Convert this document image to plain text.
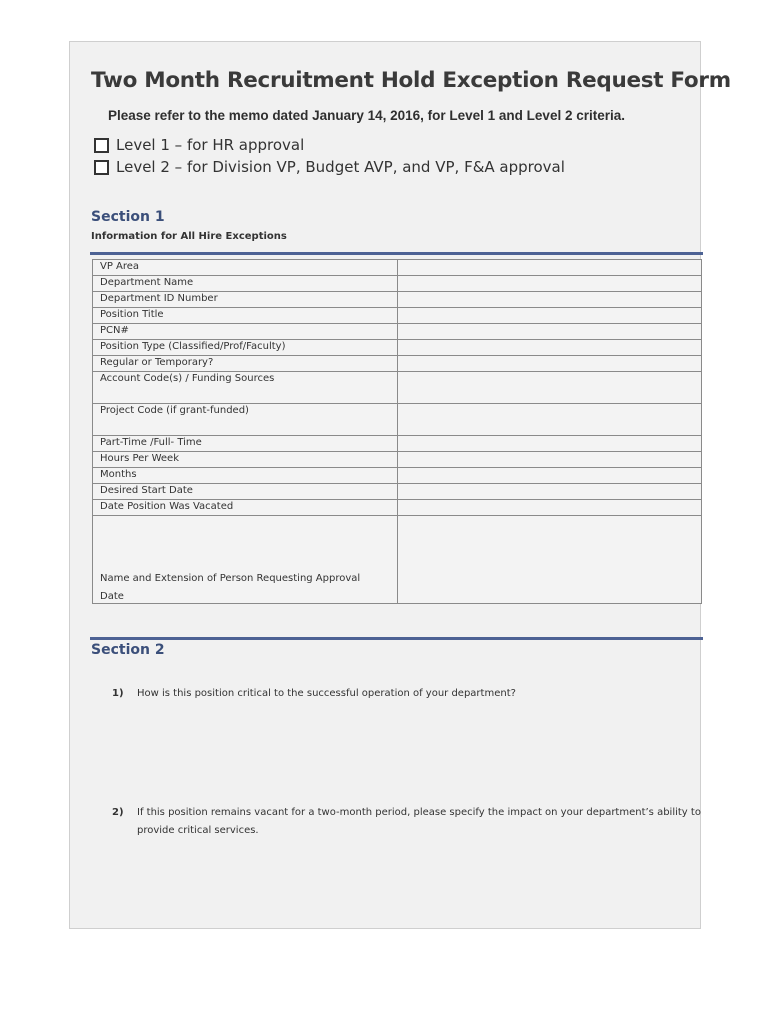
Two Month Recruitment Hold Exception Request Form
Please refer to the memo dated January 14, 2016, for Level 1 and Level 2 criteria.
Level 1 – for HR approval
Level 2 – for Division VP, Budget AVP, and VP, F&A approval
Section 1
Information for All Hire Exceptions
VP Area	
Department Name	
Department ID Number	
Position Title	
PCN#	
Position Type (Classified/Prof/Faculty)	
Regular or Temporary?	
Account Code(s) / Funding Sources	
Project Code (if grant-funded)	
Part-Time /Full- Time	
Hours Per Week	
Months	
Desired Start Date	
Date Position Was Vacated	

Name and Extension of Person Requesting Approval
Date	

Section 2
1)	How is this position critical to the successful operation of your department?
2)	If this position remains vacant for a two-month period, please specify the impact on your department’s ability to provide critical services.
